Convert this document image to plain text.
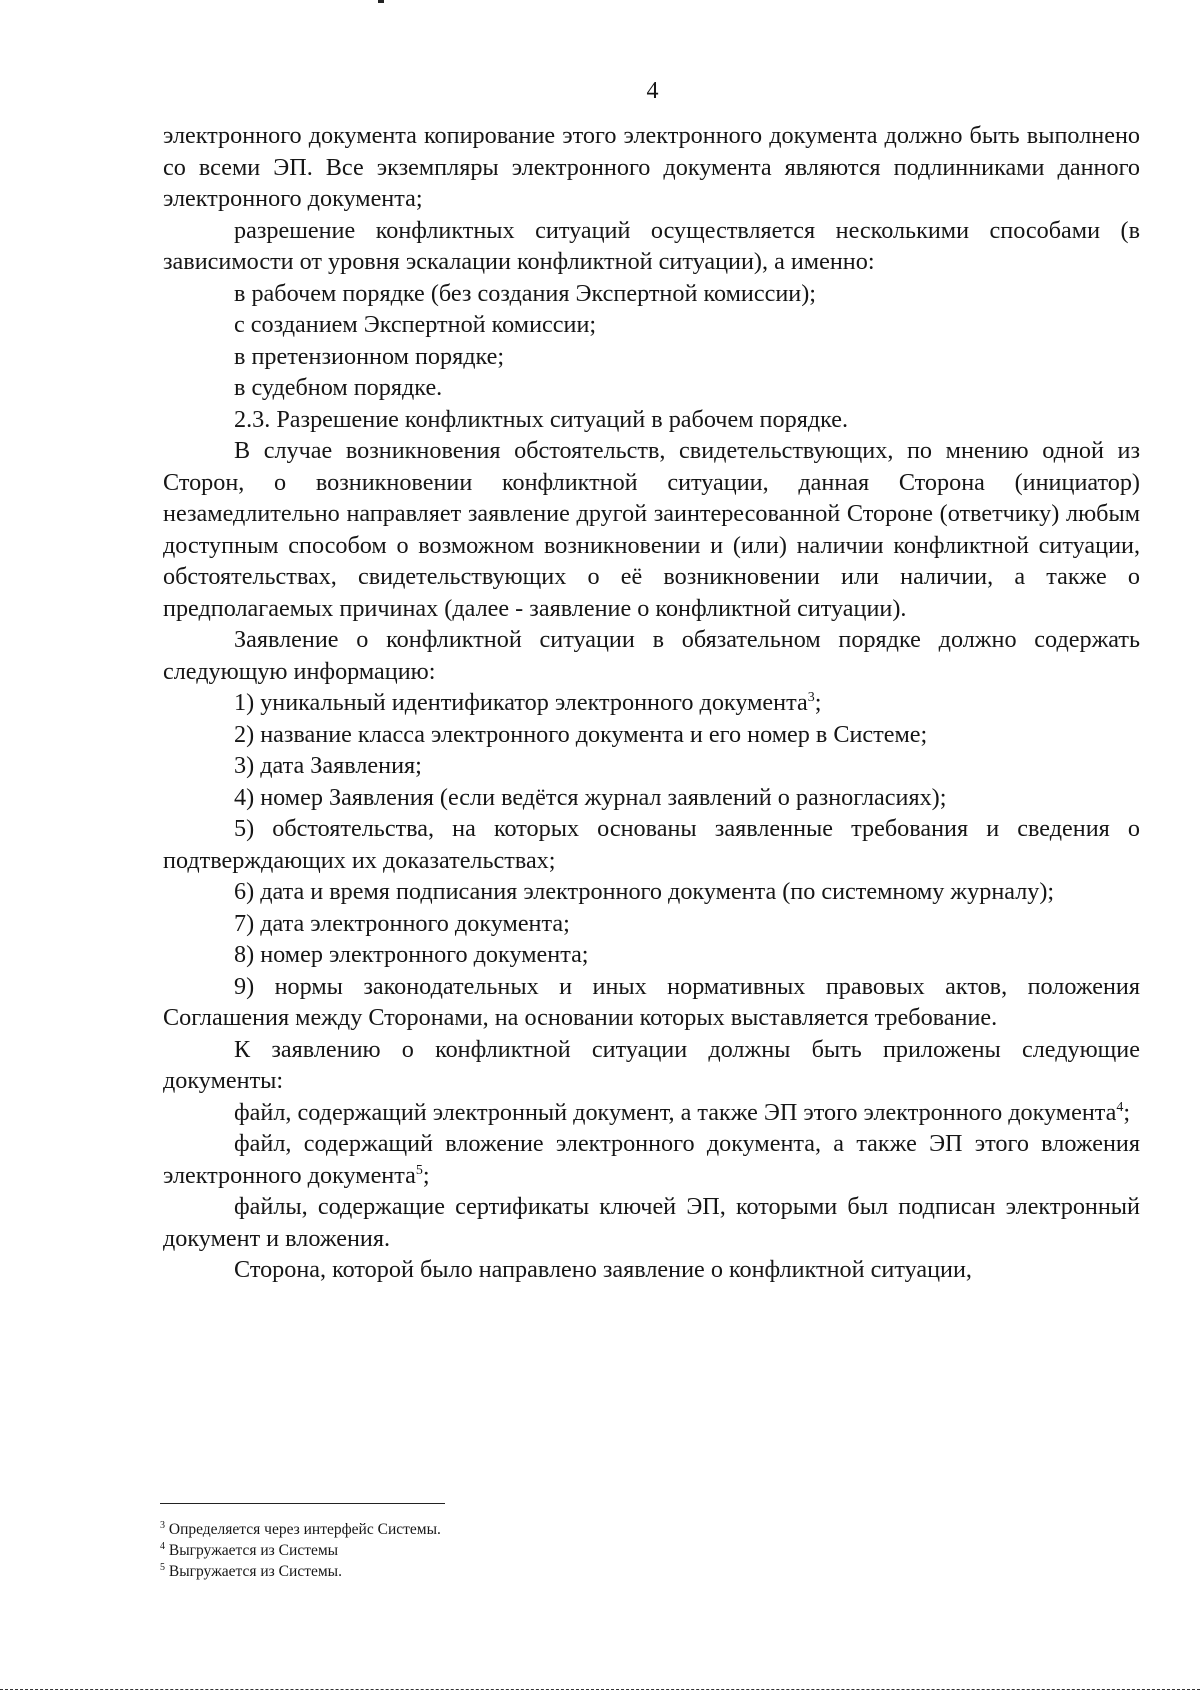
4

электронного документа копирование этого электронного документа должно быть выполнено со всеми ЭП. Все экземпляры электронного документа являются подлинниками данного электронного документа;

разрешение конфликтных ситуаций осуществляется несколькими способами (в зависимости от уровня эскалации конфликтной ситуации), а именно:

в рабочем порядке (без создания Экспертной комиссии);

с созданием Экспертной комиссии;

в претензионном порядке;

в судебном порядке.

2.3. Разрешение конфликтных ситуаций в рабочем порядке.

В случае возникновения обстоятельств, свидетельствующих, по мнению одной из Сторон, о возникновении конфликтной ситуации, данная Сторона (инициатор) незамедлительно направляет заявление другой заинтересованной Стороне (ответчику) любым доступным способом о возможном возникновении и (или) наличии конфликтной ситуации, обстоятельствах, свидетельствующих о её возникновении или наличии, а также о предполагаемых причинах (далее - заявление о конфликтной ситуации).

Заявление о конфликтной ситуации в обязательном порядке должно содержать следующую информацию:

1) уникальный идентификатор электронного документа$^3$;

2) название класса электронного документа и его номер в Системе;

3) дата Заявления;

4) номер Заявления (если ведётся журнал заявлений о разногласиях);

5) обстоятельства, на которых основаны заявленные требования и сведения о подтверждающих их доказательствах;

6) дата и время подписания электронного документа (по системному журналу);

7) дата электронного документа;

8) номер электронного документа;

9) нормы законодательных и иных нормативных правовых актов, положения Соглашения между Сторонами, на основании которых выставляется требование.

К заявлению о конфликтной ситуации должны быть приложены следующие документы:

файл, содержащий электронный документ, а также ЭП этого электронного документа$^4$;

файл, содержащий вложение электронного документа, а также ЭП этого вложения электронного документа$^5$;

файлы, содержащие сертификаты ключей ЭП, которыми был подписан электронный документ и вложения.

Сторона, которой было направлено заявление о конфликтной ситуации,

$^3$ Определяется через интерфейс Системы.

$^4$ Выгружается из Системы

$^5$ Выгружается из Системы.
